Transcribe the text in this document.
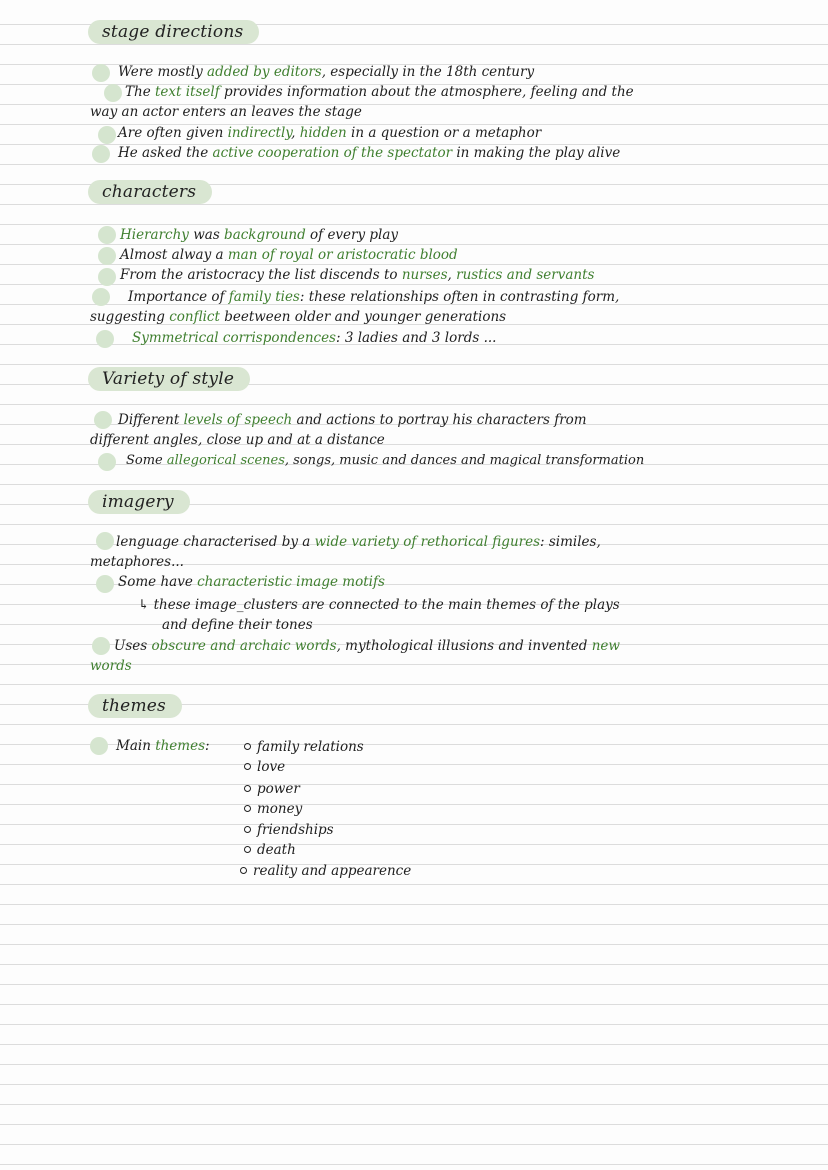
stage directions
Were mostly added by editors, especially in the 18th century
The text itself provides information about the atmosphere, feeling and the
way an actor enters an leaves the stage
Are often given indirectly, hidden in a question or a metaphor
He asked the active cooperation of the spectator in making the play alive
characters
Hierarchy was background of every play
Almost alway a man of royal or aristocratic blood
From the aristocracy the list discends to nurses, rustics and servants
Importance of family ties: these relationships often in contrasting form,
suggesting conflict beetween older and younger generations
Symmetrical corrispondences: 3 ladies and 3 lords ...
Variety of style
Different levels of speech and actions to portray his characters from
different angles, close up and at a distance
Some allegorical scenes, songs, music and dances and magical transformation
imagery
lenguage characterised by a wide variety of rethorical figures: similes,
metaphores...
Some have characteristic image motifs
↳ these image_clusters are connected to the main themes of the plays
and define their tones
Uses obscure and archaic words, mythological illusions and invented new
words
themes
Main themes:	family relations
love
power
money
friendships
death
reality and appearence
